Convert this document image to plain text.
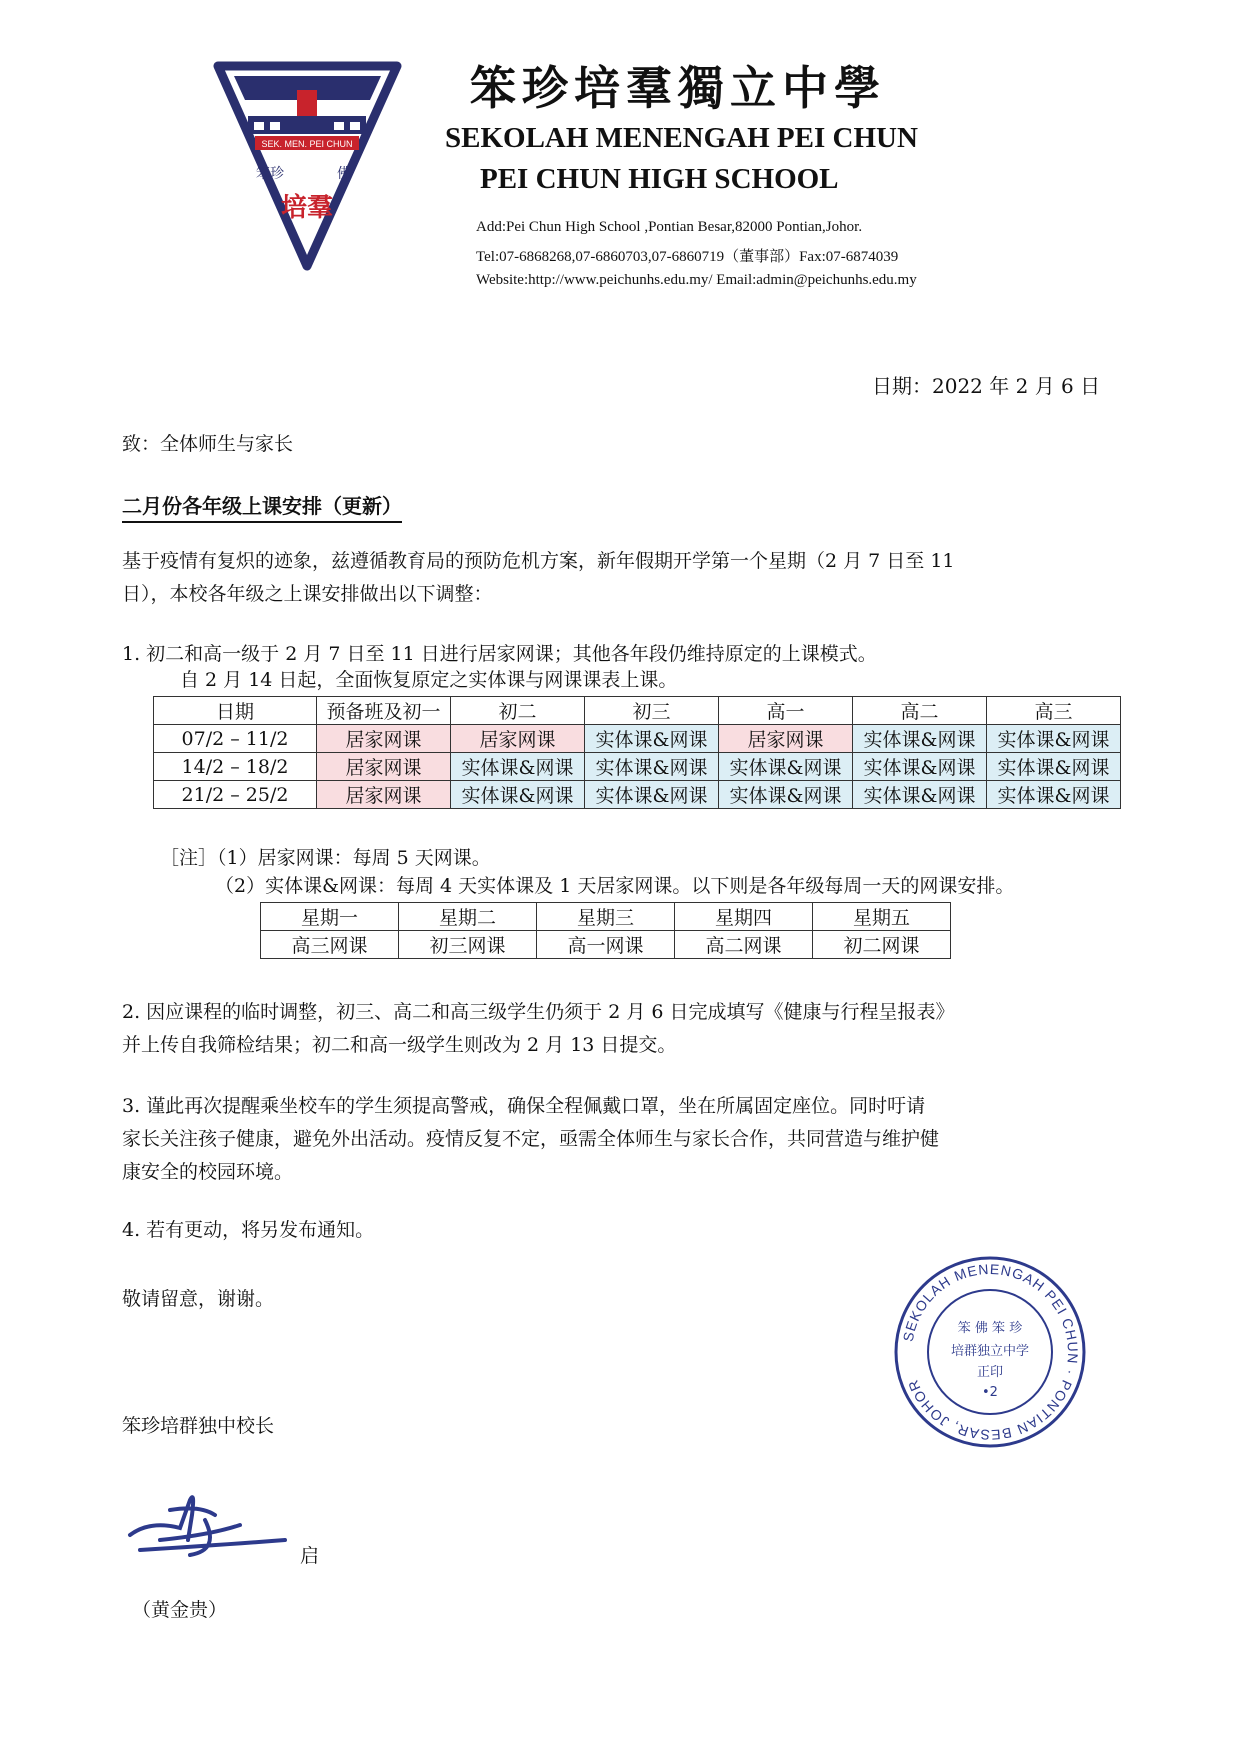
SEK. MEN. PEI CHUN
笨珍	佛
培羣
笨珍培羣獨立中學
SEKOLAH MENENGAH PEI CHUN
PEI CHUN HIGH SCHOOL
Add:Pei Chun High School ,Pontian Besar,82000 Pontian,Johor.
Tel:07-6868268,07-6860703,07-6860719（董事部）Fax:07-6874039
Website:http://www.peichunhs.edu.my/ Email:admin@peichunhs.edu.my
日期：2022 年 2 月 6 日
致：全体师生与家长
二月份各年级上课安排（更新）
基于疫情有复炽的迹象，兹遵循教育局的预防危机方案，新年假期开学第一个星期（2 月 7 日至 11
日），本校各年级之上课安排做出以下调整：
1. 初二和高一级于 2 月 7 日至 11 日进行居家网课；其他各年段仍维持原定的上课模式。
自 2 月 14 日起，全面恢复原定之实体课与网课课表上课。
日期	预备班及初一	初二	初三	高一	高二	高三
07/2 – 11/2	居家网课	居家网课	实体课&网课	居家网课	实体课&网课	实体课&网课
14/2 – 18/2	居家网课	实体课&网课	实体课&网课	实体课&网课	实体课&网课	实体课&网课
21/2 – 25/2	居家网课	实体课&网课	实体课&网课	实体课&网课	实体课&网课	实体课&网课
［注］（1）居家网课：每周 5 天网课。
（2）实体课&网课：每周 4 天实体课及 1 天居家网课。以下则是各年级每周一天的网课安排。
星期一	星期二	星期三	星期四	星期五
高三网课	初三网课	高一网课	高二网课	初二网课
2. 因应课程的临时调整，初三、高二和高三级学生仍须于 2 月 6 日完成填写《健康与行程呈报表》
并上传自我筛检结果；初二和高一级学生则改为 2 月 13 日提交。
3. 谨此再次提醒乘坐校车的学生须提高警戒，确保全程佩戴口罩，坐在所属固定座位。同时吁请
家长关注孩子健康，避免外出活动。疫情反复不定，亟需全体师生与家长合作，共同营造与维护健
康安全的校园环境。
4. 若有更动，将另发布通知。
敬请留意，谢谢。
笨珍培群独中校长
启
（黄金贵）
SEKOLAH MENENGAH PEI CHUN · PONTIAN BESAR, JOHOR
笨 佛 笨 珍
培群独立中学
正印
•2
